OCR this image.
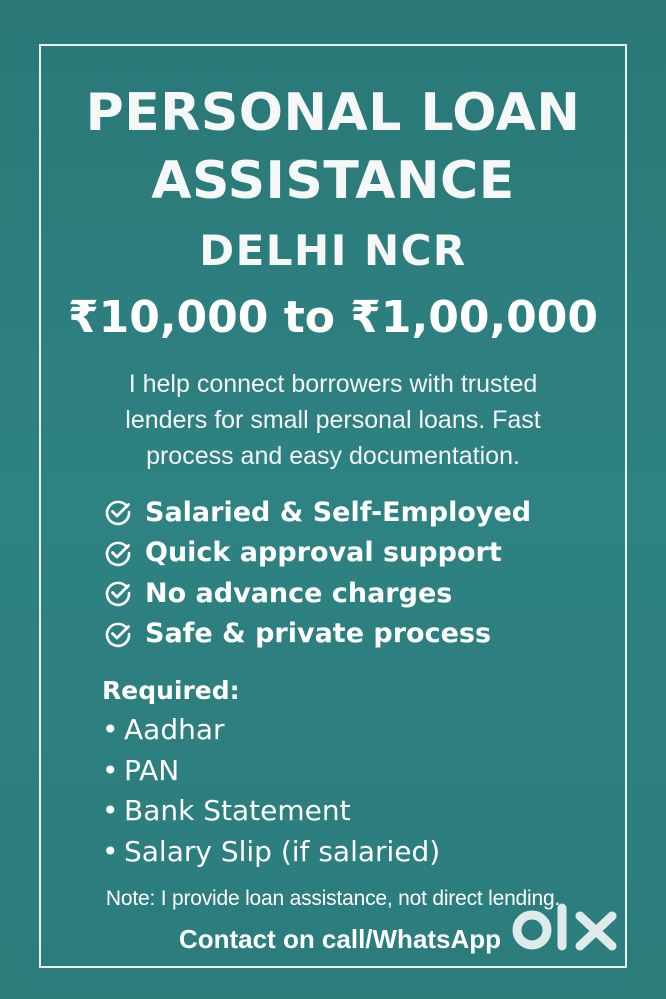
PERSONAL LOAN
ASSISTANCE
DELHI NCR
₹10,000 to ₹1,00,000
I help connect borrowers with trusted
lenders for small personal loans. Fast
process and easy documentation.
Salaried & Self-Employed
Quick approval support
No advance charges
Safe & private process
Required:
• Aadhar
• PAN
• Bank Statement
• Salary Slip (if salaried)
Note: I provide loan assistance, not direct lending.
Contact on call/WhatsApp
